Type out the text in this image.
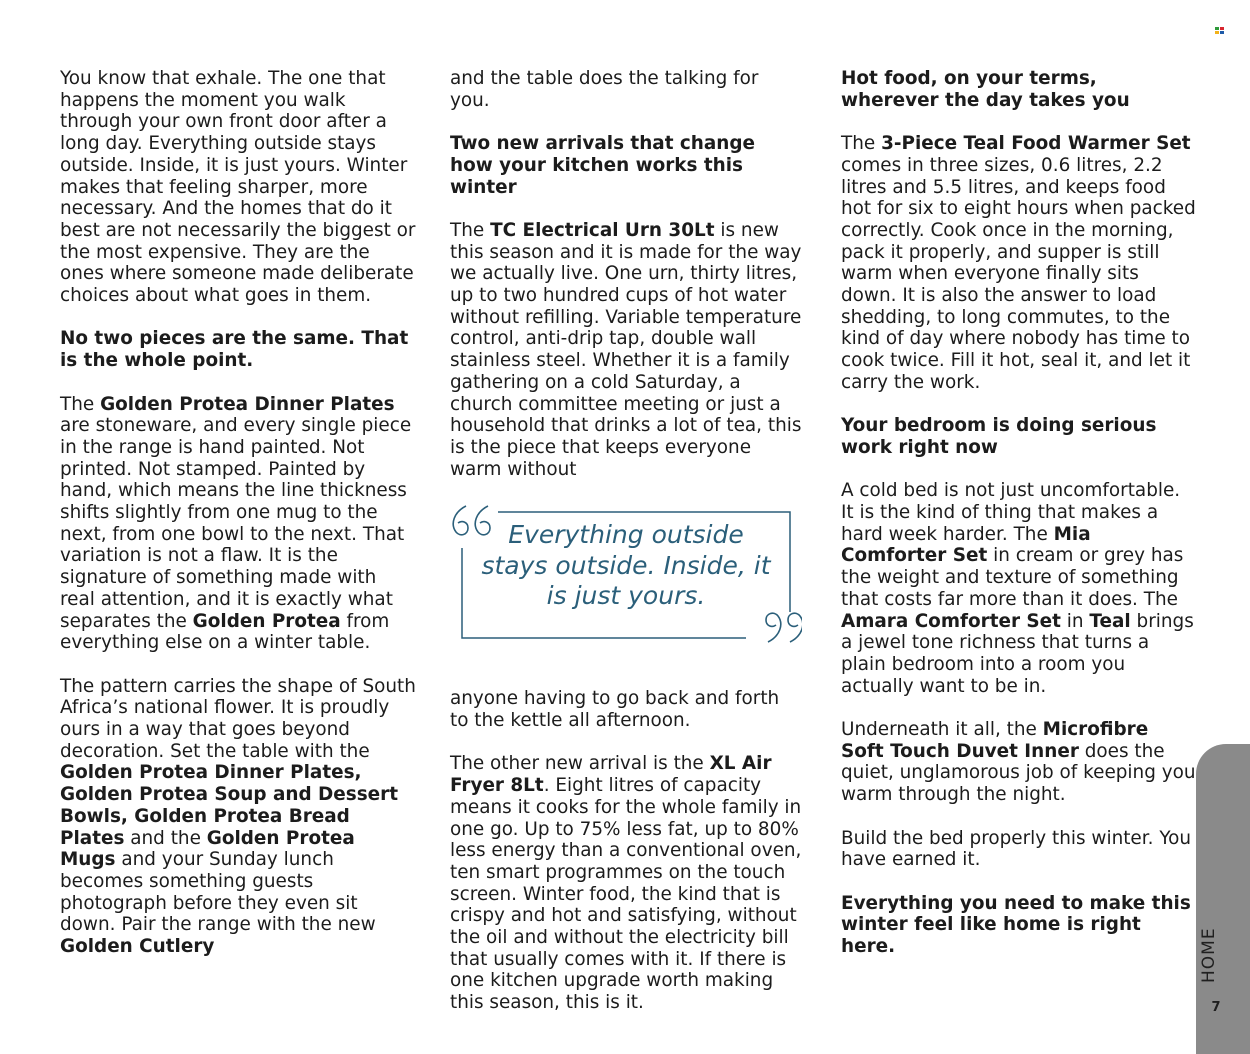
You know that exhale. The one that happens the moment you walk through your own front door after a long day. Everything outside stays outside. Inside, it is just yours. Winter makes that feeling sharper, more necessary. And the homes that do it best are not necessarily the biggest or the most expensive. They are the ones where someone made deliberate choices about what goes in them.

No two pieces are the same. That is the whole point.

The Golden Protea Dinner Plates are stoneware, and every single piece in the range is hand painted. Not printed. Not stamped. Painted by hand, which means the line thickness shifts slightly from one mug to the next, from one bowl to the next. That variation is not a flaw. It is the signature of something made with real attention, and it is exactly what separates the Golden Protea from everything else on a winter table.

The pattern carries the shape of South Africa’s national flower. It is proudly ours in a way that goes beyond decoration. Set the table with the Golden Protea Dinner Plates, Golden Protea Soup and Dessert Bowls, Golden Protea Bread Plates and the Golden Protea Mugs and your Sunday lunch becomes something guests photograph before they even sit down. Pair the range with the new Golden Cutlery

and the table does the talking for you.

Two new arrivals that change how your kitchen works this winter

The TC Electrical Urn 30Lt is new this season and it is made for the way we actually live. One urn, thirty litres, up to two hundred cups of hot water without refilling. Variable temperature control, anti-drip tap, double wall stainless steel. Whether it is a family gathering on a cold Saturday, a church committee meeting or just a household that drinks a lot of tea, this is the piece that keeps everyone warm without

Everything outside stays outside. Inside, it is just yours.

anyone having to go back and forth to the kettle all afternoon.

The other new arrival is the XL Air Fryer 8Lt. Eight litres of capacity means it cooks for the whole family in one go. Up to 75% less fat, up to 80% less energy than a conventional oven, ten smart programmes on the touch screen. Winter food, the kind that is crispy and hot and satisfying, without the oil and without the electricity bill that usually comes with it. If there is one kitchen upgrade worth making this season, this is it.

Hot food, on your terms, wherever the day takes you

The 3-Piece Teal Food Warmer Set comes in three sizes, 0.6 litres, 2.2 litres and 5.5 litres, and keeps food hot for six to eight hours when packed correctly. Cook once in the morning, pack it properly, and supper is still warm when everyone finally sits down. It is also the answer to load shedding, to long commutes, to the kind of day where nobody has time to cook twice. Fill it hot, seal it, and let it carry the work.

Your bedroom is doing serious work right now

A cold bed is not just uncomfortable. It is the kind of thing that makes a hard week harder. The Mia Comforter Set in cream or grey has the weight and texture of something that costs far more than it does. The Amara Comforter Set in Teal brings a jewel tone richness that turns a plain bedroom into a room you actually want to be in.

Underneath it all, the Microfibre Soft Touch Duvet Inner does the quiet, unglamorous job of keeping you warm through the night.

Build the bed properly this winter. You have earned it.

Everything you need to make this winter feel like home is right here.	HOME
7
